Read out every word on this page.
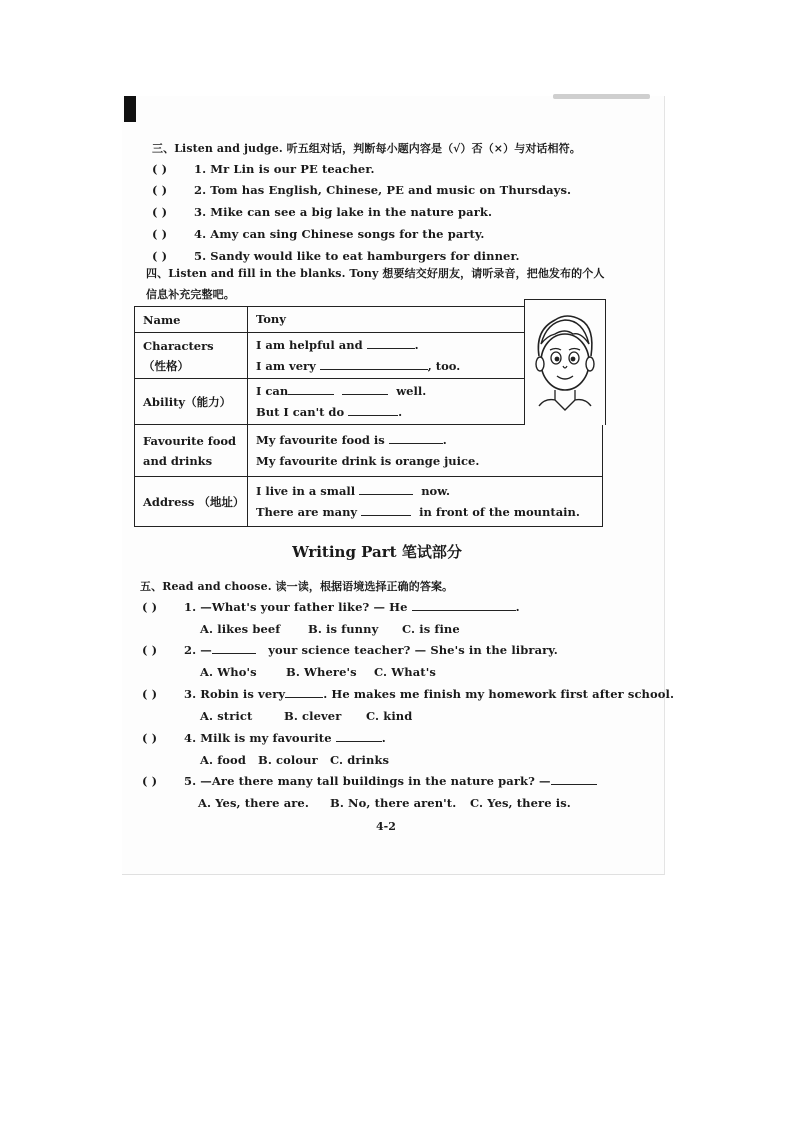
三、Listen and judge. 听五组对话，判断每小题内容是（√）否（×）与对话相符。
( ) 1. Mr Lin is our PE teacher.
( ) 2. Tom has English, Chinese, PE and music on Thursdays.
( ) 3. Mike can see a big lake in the nature park.
( ) 4. Amy can sing Chinese songs for the party.
( ) 5. Sandy would like to eat hamburgers for dinner.
四、Listen and fill in the blanks. Tony 想要结交好朋友，请听录音，把他发布的个人
信息补充完整吧。
Name	Tony
Characters
（性格）	I am helpful and .
I am very , too.
Ability（能力）	I can well.
But I can't do .
Favourite food
and drinks	My favourite food is .
My favourite drink is orange juice.
Address （地址）	I live in a small now.
There are many in front of the mountain.
Writing Part 笔试部分
五、Read and choose. 读一读，根据语境选择正确的答案。
( ) 1. —What's your father like? — He	.
A. likes beef B. is funny C. is fine
( ) 2. —	your science teacher? — She's in the library.
A. Who's	B. Where's C. What's
( ) 3. Robin is very	. He makes me finish my homework first after school.
A. strict	B. clever C. kind
( ) 4. Milk is my favourite	.
A. food B. colour C. drinks
( ) 5. —Are there many tall buildings in the nature park? —
A. Yes, there are. B. No, there aren't. C. Yes, there is.
4-2
